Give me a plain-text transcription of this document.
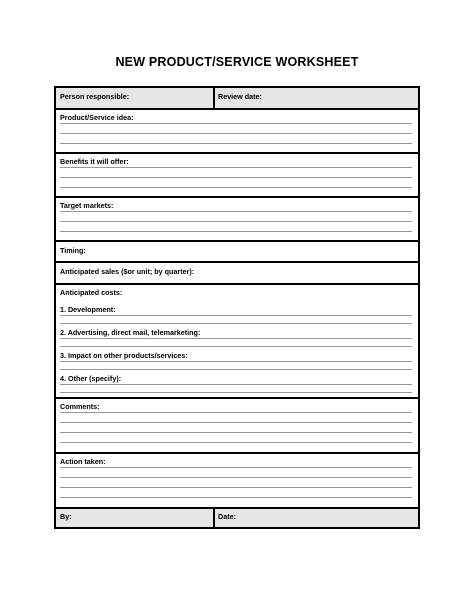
NEW PRODUCT/SERVICE WORKSHEET
Person responsible:	Review date:
Product/Service idea:
Benefits it will offer:
Target markets:
Timing:
Anticipated sales ($or unit; by quarter):
Anticipated costs:
1. Development:
2. Advertising, direct mail, telemarketing:
3. Impact on other products/services:
4. Other (specify):
Comments:
Action taken:
By:	Date:
